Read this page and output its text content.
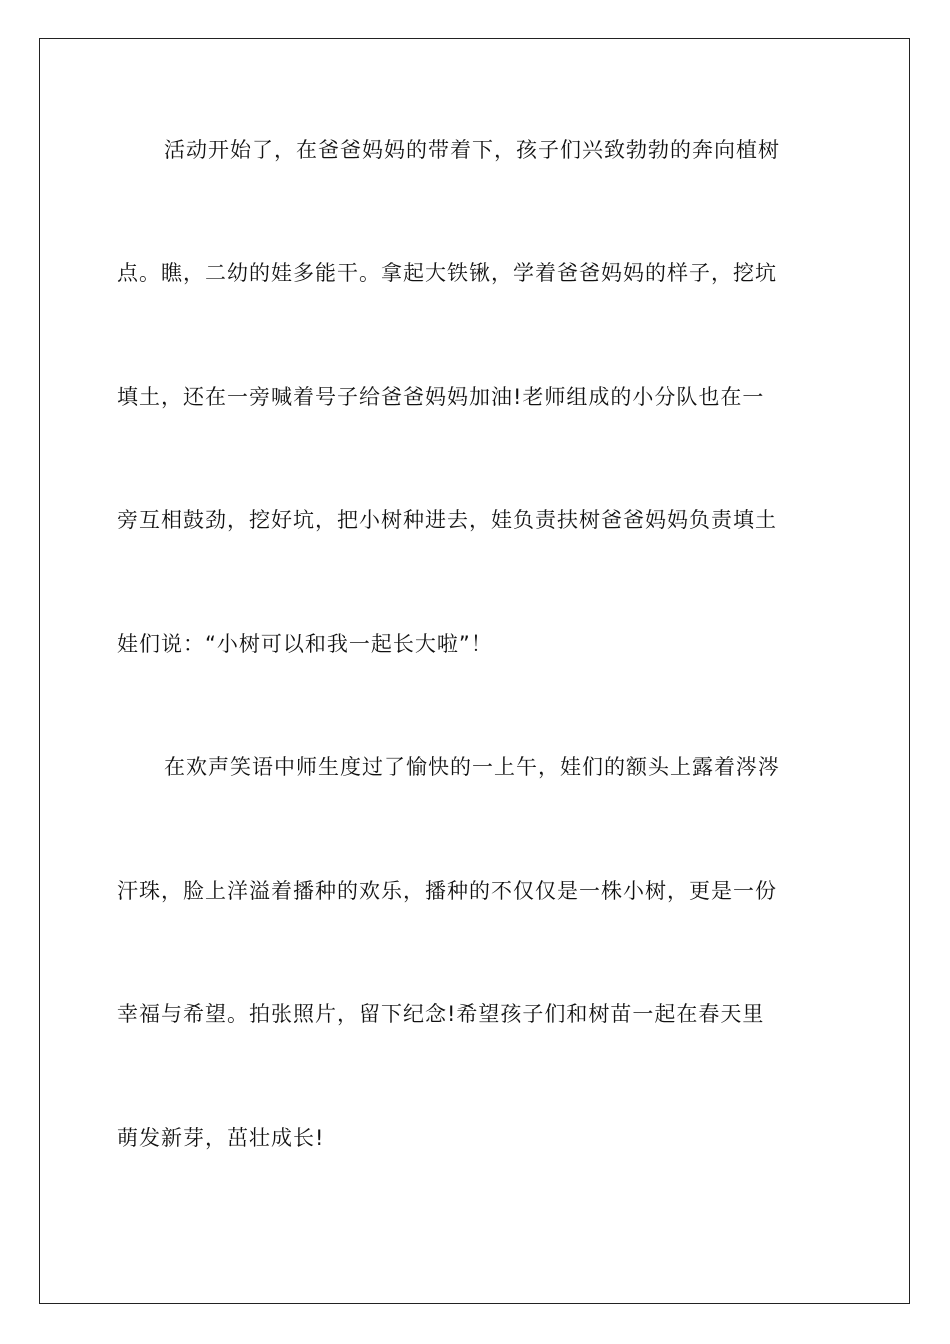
活动开始了，在爸爸妈妈的带着下，孩子们兴致勃勃的奔向植树
点。瞧，二幼的娃多能干。拿起大铁锹，学着爸爸妈妈的样子，挖坑
填土，还在一旁喊着号子给爸爸妈妈加油!老师组成的小分队也在一
旁互相鼓劲，挖好坑，把小树种进去，娃负责扶树爸爸妈妈负责填土
娃们说：“小树可以和我一起长大啦”！
在欢声笑语中师生度过了愉快的一上午，娃们的额头上露着涔涔
汗珠，脸上洋溢着播种的欢乐，播种的不仅仅是一株小树，更是一份
幸福与希望。拍张照片，留下纪念!希望孩子们和树苗一起在春天里
萌发新芽，茁壮成长!
